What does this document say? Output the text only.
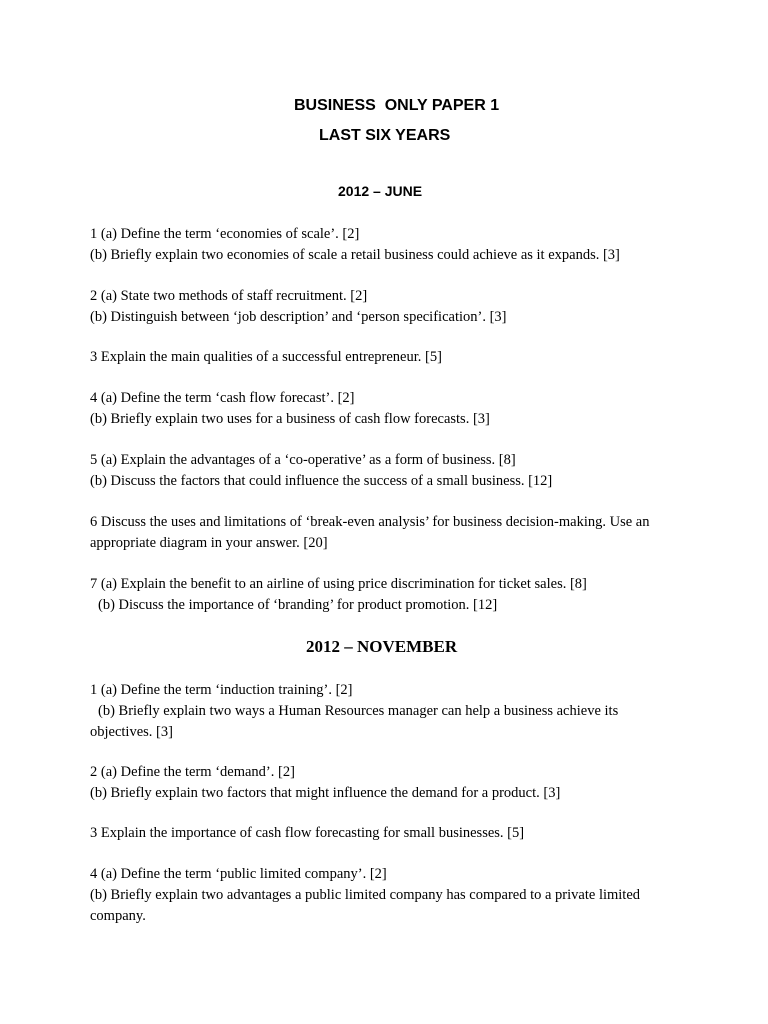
BUSINESS  ONLY PAPER 1
LAST SIX YEARS
2012 – JUNE
1 (a) Define the term ‘economies of scale’. [2]
(b) Briefly explain two economies of scale a retail business could achieve as it expands. [3]
2 (a) State two methods of staff recruitment. [2]
(b) Distinguish between ‘job description’ and ‘person specification’. [3]
3 Explain the main qualities of a successful entrepreneur. [5]
4 (a) Define the term ‘cash flow forecast’. [2]
(b) Briefly explain two uses for a business of cash flow forecasts. [3]
5 (a) Explain the advantages of a ‘co-operative’ as a form of business. [8]
(b) Discuss the factors that could influence the success of a small business. [12]
6 Discuss the uses and limitations of ‘break-even analysis’ for business decision-making. Use an
appropriate diagram in your answer. [20]
7 (a) Explain the benefit to an airline of using price discrimination for ticket sales. [8]
(b) Discuss the importance of ‘branding’ for product promotion. [12]
2012 – NOVEMBER
1 (a) Define the term ‘induction training’. [2]
(b) Briefly explain two ways a Human Resources manager can help a business achieve its
objectives. [3]
2 (a) Define the term ‘demand’. [2]
(b) Briefly explain two factors that might influence the demand for a product. [3]
3 Explain the importance of cash flow forecasting for small businesses. [5]
4 (a) Define the term ‘public limited company’. [2]
(b) Briefly explain two advantages a public limited company has compared to a private limited
company.
